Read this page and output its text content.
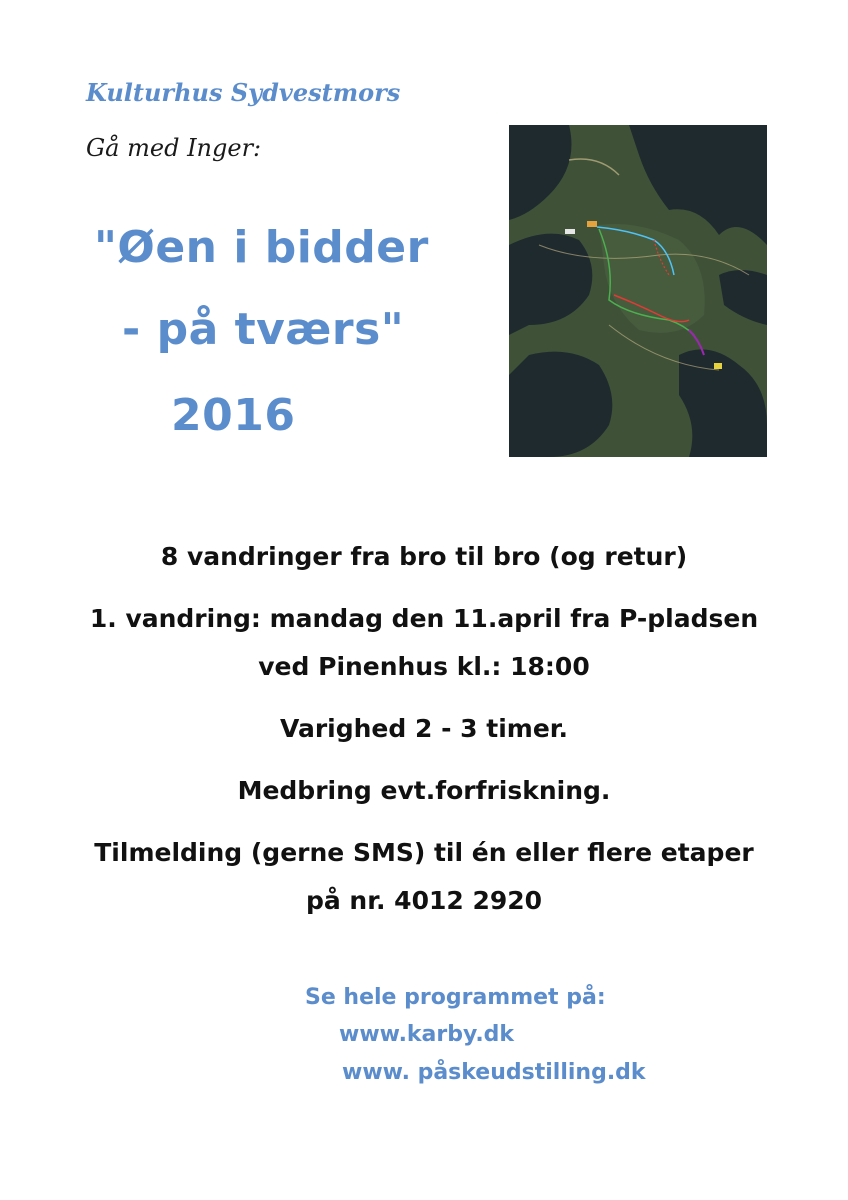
Kulturhus Sydvestmors

Gå med Inger:

"Øen i bidder

- på tværs"

2016

8 vandringer fra bro til bro (og retur)

1. vandring: mandag den 11.april fra P-pladsen

ved Pinenhus kl.: 18:00

Varighed 2 - 3 timer.

Medbring evt.forfriskning.

Tilmelding (gerne SMS) til én eller flere etaper

på nr. 4012 2920

Se hele programmet på:

www.karby.dk

www. påskeudstilling.dk
